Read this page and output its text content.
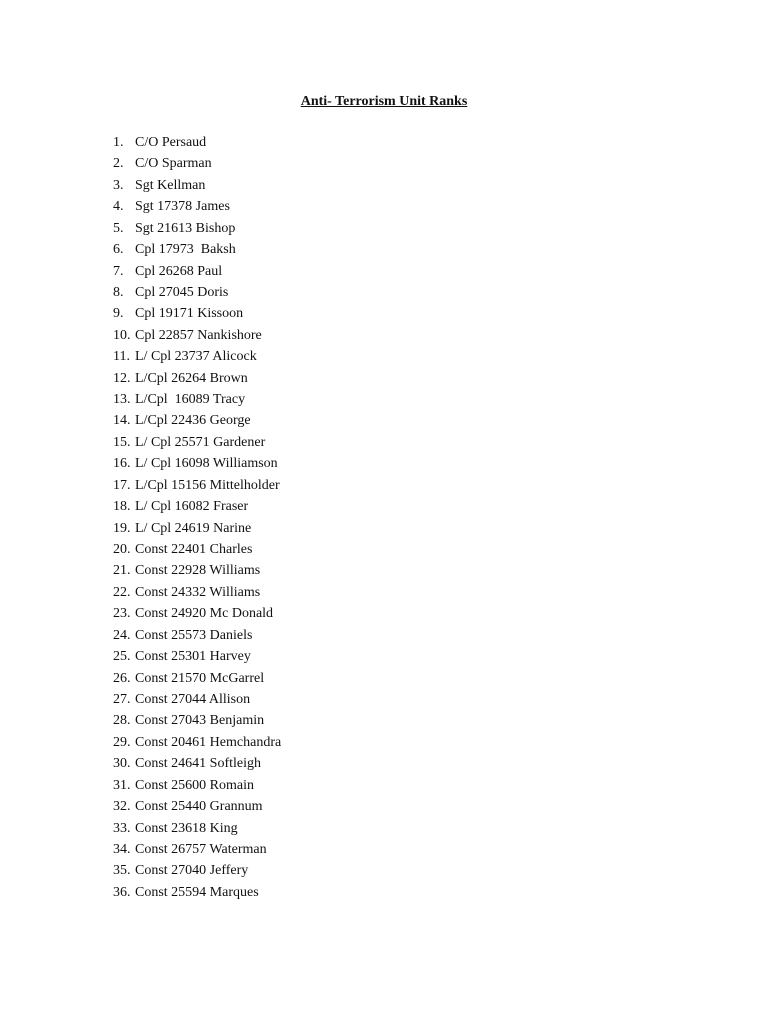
Anti- Terrorism Unit Ranks
1. C/O Persaud
2. C/O Sparman
3. Sgt Kellman
4. Sgt 17378 James
5. Sgt 21613 Bishop
6. Cpl 17973  Baksh
7. Cpl 26268 Paul
8. Cpl 27045 Doris
9. Cpl 19171 Kissoon
10. Cpl 22857 Nankishore
11. L/ Cpl 23737 Alicock
12. L/Cpl 26264 Brown
13. L/Cpl  16089 Tracy
14. L/Cpl 22436 George
15. L/ Cpl 25571 Gardener
16. L/ Cpl 16098 Williamson
17. L/Cpl 15156 Mittelholder
18. L/ Cpl 16082 Fraser
19. L/ Cpl 24619 Narine
20. Const 22401 Charles
21. Const 22928 Williams
22. Const 24332 Williams
23. Const 24920 Mc Donald
24. Const 25573 Daniels
25. Const 25301 Harvey
26. Const 21570 McGarrel
27. Const 27044 Allison
28. Const 27043 Benjamin
29. Const 20461 Hemchandra
30. Const 24641 Softleigh
31. Const 25600 Romain
32. Const 25440 Grannum
33. Const 23618 King
34. Const 26757 Waterman
35. Const 27040 Jeffery
36. Const 25594 Marques
